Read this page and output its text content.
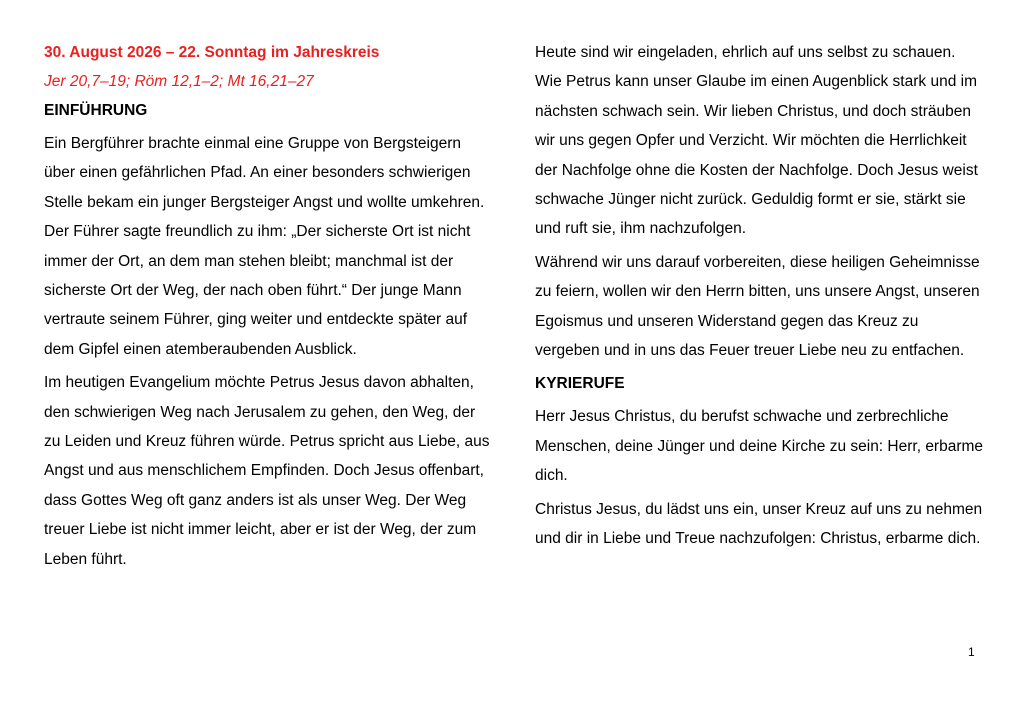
30. August 2026 – 22. Sonntag im Jahreskreis

Jer 20,7–19; Röm 12,1–2; Mt 16,21–27

EINFÜHRUNG

Ein Bergführer brachte einmal eine Gruppe von Bergsteigern über einen gefährlichen Pfad. An einer besonders schwierigen Stelle bekam ein junger Bergsteiger Angst und wollte umkehren. Der Führer sagte freundlich zu ihm: „Der sicherste Ort ist nicht immer der Ort, an dem man stehen bleibt; manchmal ist der sicherste Ort der Weg, der nach oben führt.“ Der junge Mann vertraute seinem Führer, ging weiter und entdeckte später auf dem Gipfel einen atemberaubenden Ausblick.

Im heutigen Evangelium möchte Petrus Jesus davon abhalten, den schwierigen Weg nach Jerusalem zu gehen, den Weg, der zu Leiden und Kreuz führen würde. Petrus spricht aus Liebe, aus Angst und aus menschlichem Empfinden. Doch Jesus offenbart, dass Gottes Weg oft ganz anders ist als unser Weg. Der Weg treuer Liebe ist nicht immer leicht, aber er ist der Weg, der zum Leben führt.

Heute sind wir eingeladen, ehrlich auf uns selbst zu schauen. Wie Petrus kann unser Glaube im einen Augenblick stark und im nächsten schwach sein. Wir lieben Christus, und doch sträuben wir uns gegen Opfer und Verzicht. Wir möchten die Herrlichkeit der Nachfolge ohne die Kosten der Nachfolge. Doch Jesus weist schwache Jünger nicht zurück. Geduldig formt er sie, stärkt sie und ruft sie, ihm nachzufolgen.

Während wir uns darauf vorbereiten, diese heiligen Geheimnisse zu feiern, wollen wir den Herrn bitten, uns unsere Angst, unseren Egoismus und unseren Widerstand gegen das Kreuz zu vergeben und in uns das Feuer treuer Liebe neu zu entfachen.

KYRIERUFE

Herr Jesus Christus, du berufst schwache und zerbrechliche Menschen, deine Jünger und deine Kirche zu sein: Herr, erbarme dich.

Christus Jesus, du lädst uns ein, unser Kreuz auf uns zu nehmen und dir in Liebe und Treue nachzufolgen: Christus, erbarme dich.

1
